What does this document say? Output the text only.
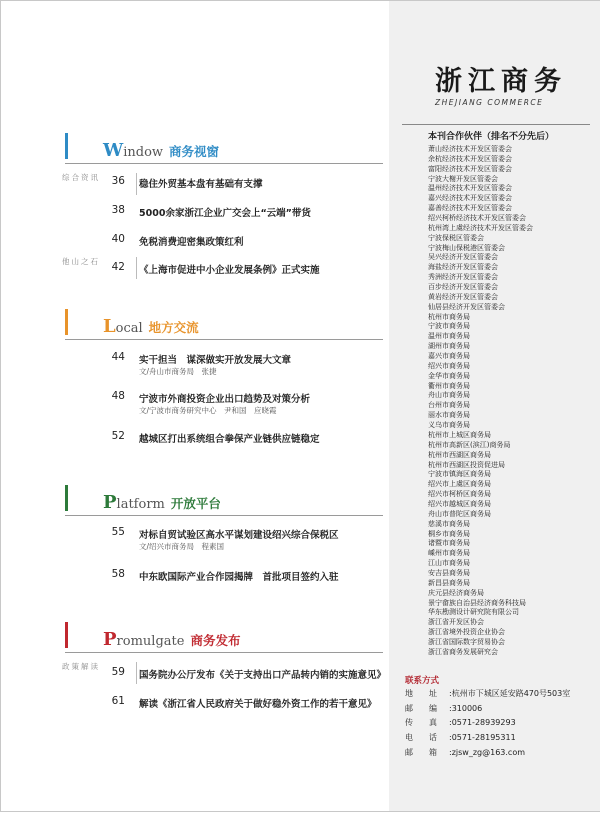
Window 商务视窗
综合资讯	36 稳住外贸基本盘有基础有支撑
38 5000余家浙江企业广交会上“云端”带货
40 免税消费迎密集政策红利
他山之石	42 《上海市促进中小企业发展条例》正式实施
Local 地方交流
44 实干担当　谋深做实开放发展大文章
文/舟山市商务局　张捷
48 宁波市外商投资企业出口趋势及对策分析
文/宁波市商务研究中心　尹和国　应晓霞
52 越城区打出系统组合拳保产业链供应链稳定
Platform 开放平台
55 对标自贸试验区高水平谋划建设绍兴综合保税区
文/绍兴市商务局　程素国
58 中东欧国际产业合作园揭牌　首批项目签约入驻
Promulgate 商务发布
政策解读	59 国务院办公厅发布《关于支持出口产品转内销的实施意见》
61 解读《浙江省人民政府关于做好稳外资工作的若干意见》
浙江商务
ZHEJIANG COMMERCE
本刊合作伙伴（排名不分先后）
萧山经济技术开发区管委会
余杭经济技术开发区管委会
富阳经济技术开发区管委会
宁波大榭开发区管委会
温州经济技术开发区管委会
嘉兴经济技术开发区管委会
嘉善经济技术开发区管委会
绍兴柯桥经济技术开发区管委会
杭州湾上虞经济技术开发区管委会
宁波保税区管委会
宁波梅山保税港区管委会
吴兴经济开发区管委会
海盐经济开发区管委会
秀洲经济开发区管委会
百步经济开发区管委会
黄岩经济开发区管委会
仙居县经济开发区管委会
杭州市商务局
宁波市商务局
温州市商务局
湖州市商务局
嘉兴市商务局
绍兴市商务局
金华市商务局
衢州市商务局
舟山市商务局
台州市商务局
丽水市商务局
义乌市商务局
杭州市上城区商务局
杭州市高新区(滨江)商务局
杭州市西湖区商务局
杭州市西湖区投资促进局
宁波市镇海区商务局
绍兴市上虞区商务局
绍兴市柯桥区商务局
绍兴市越城区商务局
舟山市普陀区商务局
慈溪市商务局
桐乡市商务局
诸暨市商务局
嵊州市商务局
江山市商务局
安吉县商务局
新昌县商务局
庆元县经济商务局
景宁畲族自治县经济商务科技局
华东勘测设计研究院有限公司
浙江省开发区协会
浙江省境外投资企业协会
浙江省国际数字贸易协会
浙江省商务发展研究会
联系方式
地　　址 :杭州市下城区延安路470号503室
邮　　编 :310006
传　　真 :0571-28939293
电　　话 :0571-28195311
邮　　箱 :zjsw_zg@163.com
